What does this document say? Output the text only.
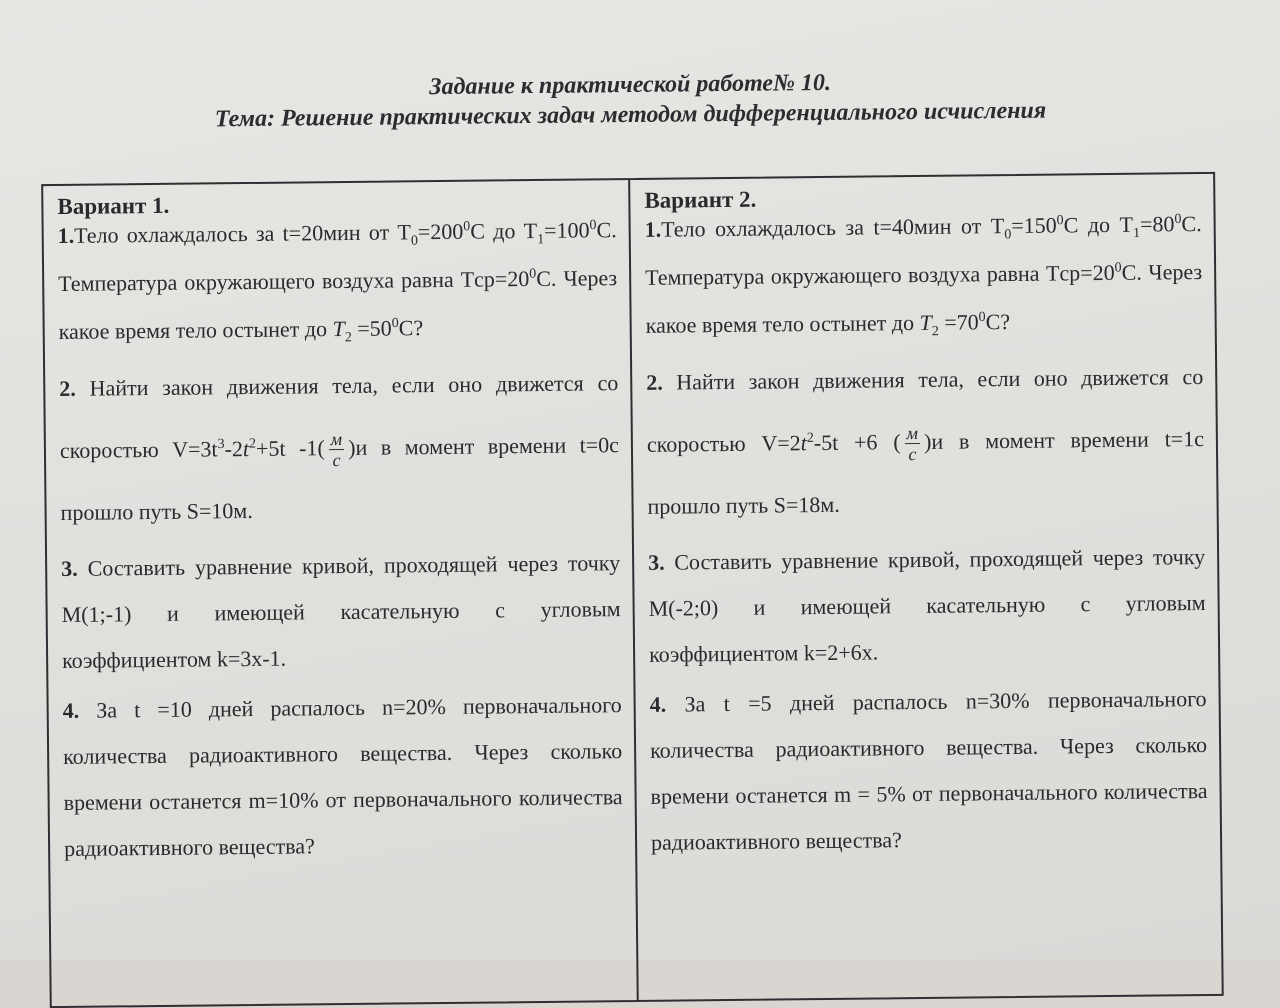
Задание к практической работе№ 10.
Тема: Решение практических задач методом дифференциального исчисления
Вариант 1.

1.Тело охлаждалось за t=20мин от $T_0=200^0С$ до $T_1=100^0С$. Температура окружающего воздуха равна $Tср=20^0С$. Через какое время тело остынет до $T_2 =50^0С$?

2. Найти закон движения тела, если оно движется со скоростью $V=3t^3-2t^2+5t$ $-1( \frac{м}{с} )и$ в момент времени t=0с прошло путь S=10м.

3. Составить уравнение кривой, проходящей через точку М(1;-1) и имеющей касательную с угловым коэффициентом k=3x-1.

4. За t =10 дней распалось n=20% первоначального количества радиоактивного вещества. Через сколько времени останется m=10% от первоначального количества радиоактивного вещества?

Вариант 2.

1.Тело охлаждалось за t=40мин от $T_0=150^0С$ до $T_1=80^0С$. Температура окружающего воздуха равна $Tср=20^0С$. Через какое время тело остынет до $T_2 =70^0С$?

2. Найти закон движения тела, если оно движется со скоростью $V=2t^2-5t +6$ ( $\frac{м}{с} )и$ в момент времени t=1с прошло путь S=18м.

3. Составить уравнение кривой, проходящей через точку М(-2;0) и имеющей касательную с угловым коэффициентом k=2+6x.

4. За t =5 дней распалось n=30% первоначального количества радиоактивного вещества. Через сколько времени останется m = 5% от первоначального количества радиоактивного вещества?
